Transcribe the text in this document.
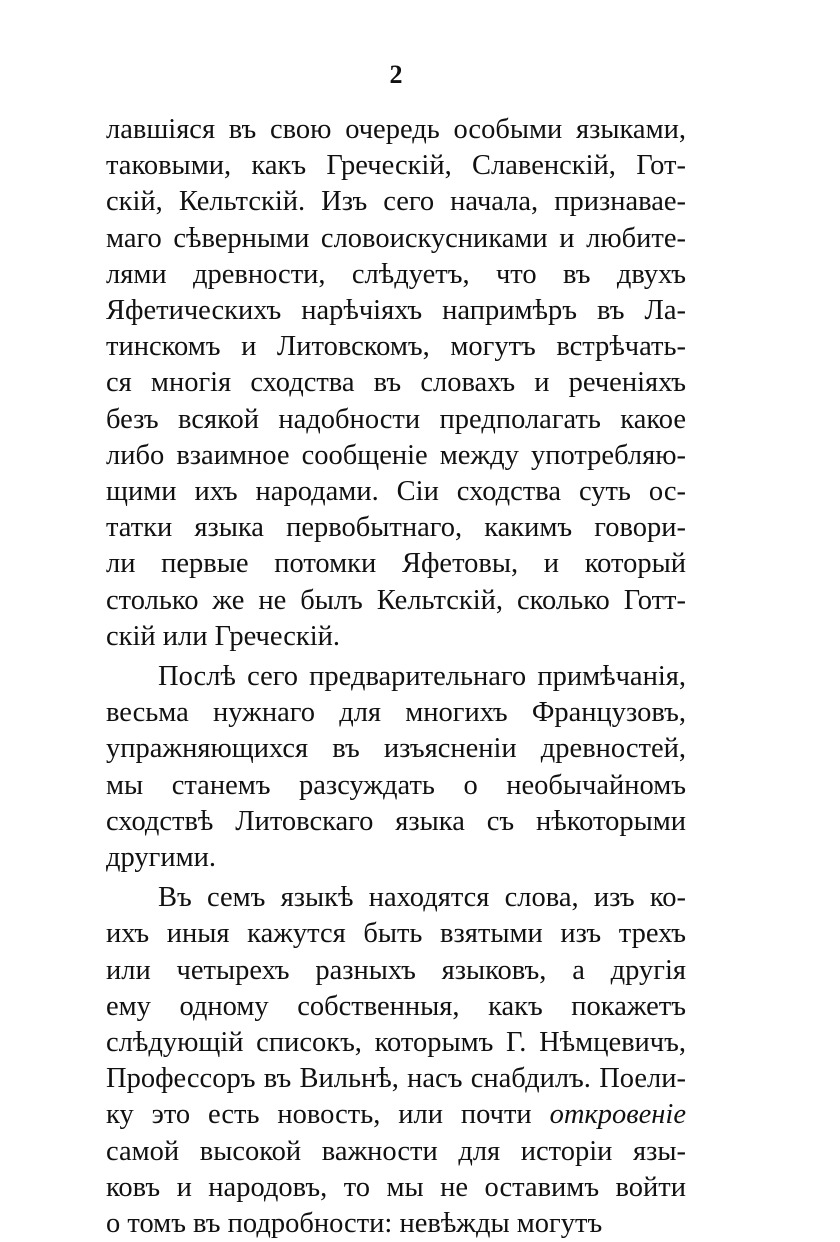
2
лавшіяся въ свою очередь особыми языками,
таковыми, какъ Греческій, Славенскій, Гот-
скій, Кельтскій. Изъ сего начала, признавае-
маго сѣверными словоискусниками и любите-
лями древности, слѣдуетъ, что въ двухъ
Яфетическихъ нарѣчіяхъ напримѣръ въ Ла-
тинскомъ и Литовскомъ, могутъ встрѣчать-
ся многія сходства въ словахъ и реченіяхъ
безъ всякой надобности предполагать какое
либо взаимное сообщеніе между употребляю-
щими ихъ народами. Сіи сходства суть ос-
татки языка первобытнаго, какимъ говори-
ли первые потомки Яфетовы, и который
столько же не былъ Кельтскій, сколько Готт-
скій или Греческій.
Послѣ сего предварительнаго примѣчанія,
весьма нужнаго для многихъ Французовъ,
упражняющихся въ изъясненіи древностей,
мы станемъ разсуждать о необычайномъ
сходствѣ Литовскаго языка съ нѣкоторыми
другими.
Въ семъ языкѣ находятся слова, изъ ко-
ихъ иныя кажутся быть взятыми изъ трехъ
или четырехъ разныхъ языковъ, а другія
ему одному собственныя, какъ покажетъ
слѣдующій списокъ, которымъ Г. Нѣмцевичъ,
Профессоръ въ Вильнѣ, насъ снабдилъ. Поели-
ку это есть новость, или почти откровеніе
самой высокой важности для исторіи язы-
ковъ и народовъ, то мы не оставимъ войти
о томъ въ подробности: невѣжды могутъ
